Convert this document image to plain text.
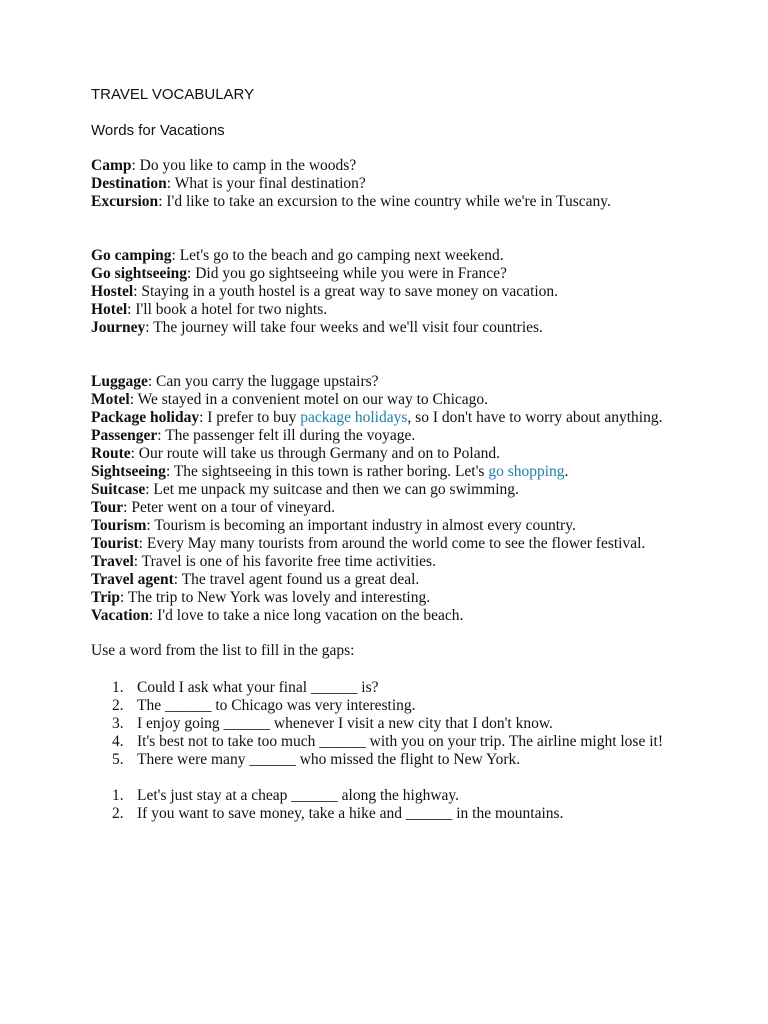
TRAVEL VOCABULARY

Words for Vacations

Camp: Do you like to camp in the woods?

Destination: What is your final destination?

Excursion: I'd like to take an excursion to the wine country while we're in Tuscany.

Go camping: Let's go to the beach and go camping next weekend.

Go sightseeing: Did you go sightseeing while you were in France?

Hostel: Staying in a youth hostel is a great way to save money on vacation.

Hotel: I'll book a hotel for two nights.

Journey: The journey will take four weeks and we'll visit four countries.

Luggage: Can you carry the luggage upstairs?

Motel: We stayed in a convenient motel on our way to Chicago.

Package holiday: I prefer to buy package holidays, so I don't have to worry about anything.

Passenger: The passenger felt ill during the voyage.

Route: Our route will take us through Germany and on to Poland.

Sightseeing: The sightseeing in this town is rather boring. Let's go shopping.

Suitcase: Let me unpack my suitcase and then we can go swimming.

Tour: Peter went on a tour of vineyard.

Tourism: Tourism is becoming an important industry in almost every country.

Tourist: Every May many tourists from around the world come to see the flower festival.

Travel: Travel is one of his favorite free time activities.

Travel agent: The travel agent found us a great deal.

Trip: The trip to New York was lovely and interesting.

Vacation: I'd love to take a nice long vacation on the beach.

Use a word from the list to fill in the gaps:

1. Could I ask what your final ______ is?
2. The ______ to Chicago was very interesting.
3. I enjoy going ______ whenever I visit a new city that I don't know.
4. It's best not to take too much ______ with you on your trip. The airline might lose it!
5. There were many ______ who missed the flight to New York.
1. Let's just stay at a cheap ______ along the highway.
2. If you want to save money, take a hike and ______ in the mountains.
